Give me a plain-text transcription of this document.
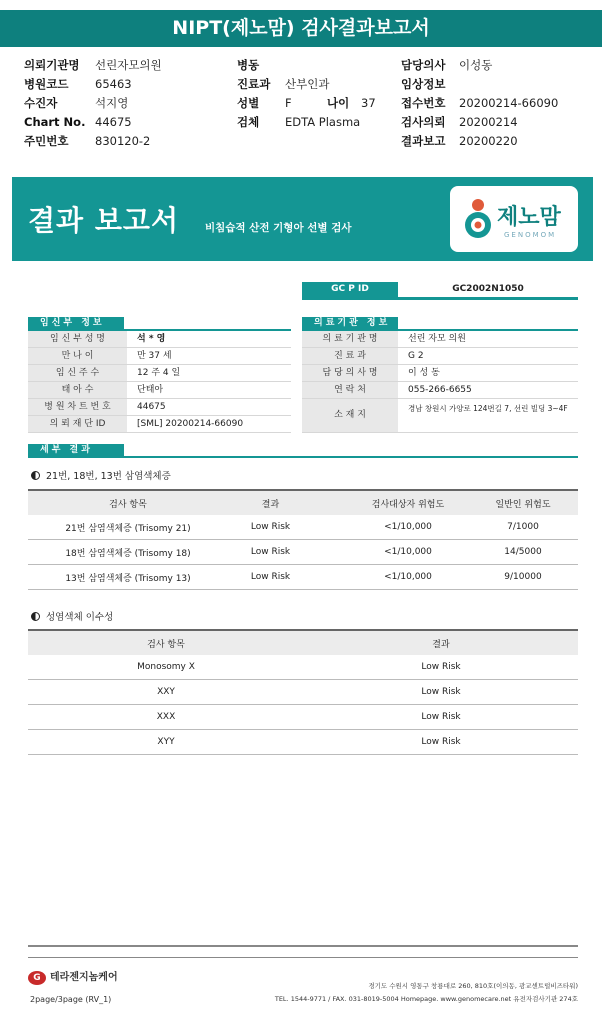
NIPT(제노맘) 검사결과보고서
의뢰기관명 선린자모의원
병원코드 65463
수진자	석지영
Chart No. 44675
주민번호 830120-2
병동
진료과 산부인과
성별 F	나이 37
검체 EDTA Plasma
담당의사 이성동
임상정보
접수번호 20200214-66090
검사의뢰 20200214
결과보고 20200220
결과 보고서 비침습적 산전 기형아 선별 검사	제노맘
GENOMOM
GC P ID	GC2002N1050
임신부 정보
임 신 부 성 명	석 * 영
만 나 이	만 37 세
임 신 주 수	12 주 4 일
태 아 수	단태아
병 원 차 트 번 호	44675
의 뢰 재 단 ID	[SML] 20200214-66090
의료기관 정보
의 료 기 관 명	선린 자모 의원
진 료 과	G 2
담 당 의 사 명	이 성 동
연 락 처	055-266-6655
소 재 지
경남 창원시 가양로 124번길 7, 선린 빌딩 3~4F
세부 결과
21번, 18번, 13번 삼염색체증
검사 항목	결과	검사대상자 위험도	일반인 위험도
21번 삼염색체증 (Trisomy 21)	Low Risk	<1/10,000	7/1000
18번 삼염색체증 (Trisomy 18)	Low Risk	<1/10,000	14/5000
13번 삼염색체증 (Trisomy 13)	Low Risk	<1/10,000	9/10000
성염색체 이수성
검사 항목	결과
Monosomy X	Low Risk
XXY	Low Risk
XXX	Low Risk
XYY	Low Risk
G 테라젠지놈케어
2page/3page (RV_1)
경기도 수원시 영통구 창룡대로 260, 810호(이의동, 광교센트럴비즈타워)
TEL. 1544-9771 / FAX. 031-8019-5004 Homepage. www.genomecare.net 유전자검사기관 274호
